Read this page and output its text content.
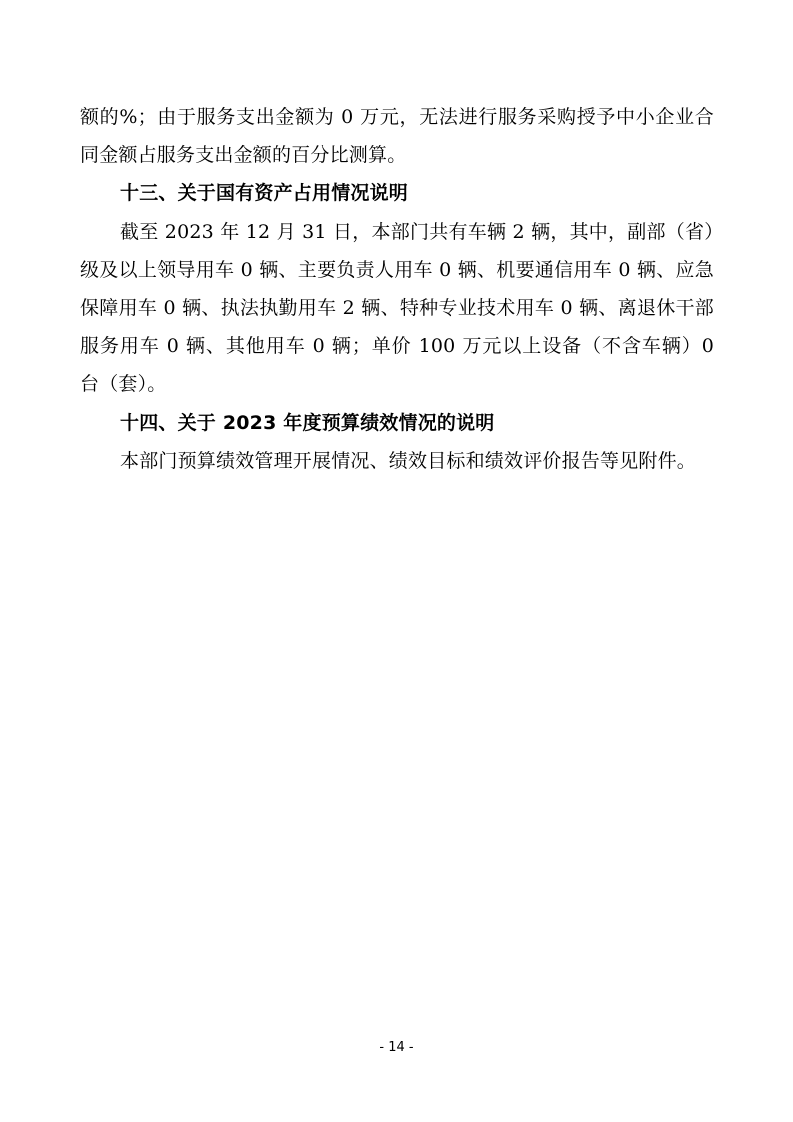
额的%；由于服务支出金额为 0 万元，无法进行服务采购授予中小企业合同金额占服务支出金额的百分比测算。

十三、关于国有资产占用情况说明

截至 2023 年 12 月 31 日，本部门共有车辆 2 辆，其中，副部（省）级及以上领导用车 0 辆、主要负责人用车 0 辆、机要通信用车 0 辆、应急保障用车 0 辆、执法执勤用车 2 辆、特种专业技术用车 0 辆、离退休干部服务用车 0 辆、其他用车 0 辆；单价 100 万元以上设备（不含车辆）0 台（套）。

十四、关于 2023 年度预算绩效情况的说明

本部门预算绩效管理开展情况、绩效目标和绩效评价报告等见附件。

- 14 -
